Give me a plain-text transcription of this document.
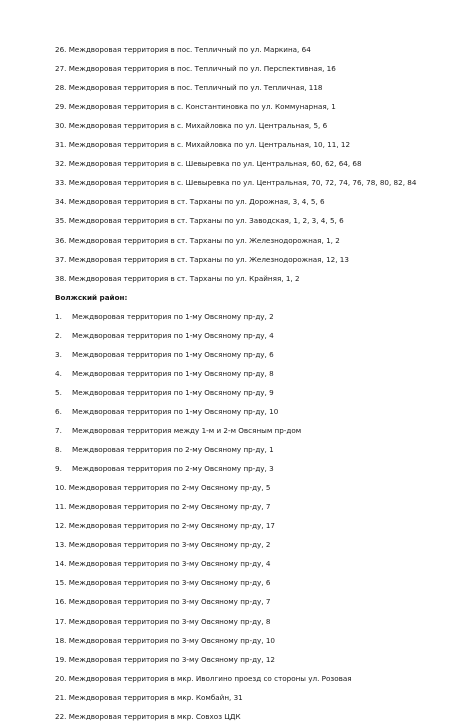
26. Междворовая территория в пос. Тепличный по ул. Маркина, 64
27. Междворовая территория в пос. Тепличный по ул. Перспективная, 16
28. Междворовая территория в пос. Тепличный по ул. Тепличная, 118
29. Междворовая территория в с. Константиновка по ул. Коммунарная, 1
30. Междворовая территория в с. Михайловка по ул. Центральная, 5, 6
31. Междворовая территория в с. Михайловка по ул. Центральная, 10, 11, 12
32. Междворовая территория в с. Шевыревка по ул. Центральная, 60, 62, 64, 68
33. Междворовая территория в с. Шевыревка по ул. Центральная, 70, 72, 74, 76, 78, 80, 82, 84
34. Междворовая территория в ст. Тарханы по ул. Дорожная, 3, 4, 5, 6
35. Междворовая территория в ст. Тарханы по ул. Заводская, 1, 2, 3, 4, 5, 6
36. Междворовая территория в ст. Тарханы по ул. Железнодорожная, 1, 2
37. Междворовая территория в ст. Тарханы по ул. Железнодорожная, 12, 13
38. Междворовая территория в ст. Тарханы по ул. Крайняя, 1, 2
Волжский район:
1. Междворовая территория по 1-му Овсяному пр-ду, 2
2. Междворовая территория по 1-му Овсяному пр-ду, 4
3. Междворовая территория по 1-му Овсяному пр-ду, 6
4. Междворовая территория по 1-му Овсяному пр-ду, 8
5. Междворовая территория по 1-му Овсяному пр-ду, 9
6. Междворовая территория по 1-му Овсяному пр-ду, 10
7. Междворовая территория между 1-м и 2-м Овсяным пр-дом
8. Междворовая территория по 2-му Овсяному пр-ду, 1
9. Междворовая территория по 2-му Овсяному пр-ду, 3
10. Междворовая территория по 2-му Овсяному пр-ду, 5
11. Междворовая территория по 2-му Овсяному пр-ду, 7
12. Междворовая территория по 2-му Овсяному пр-ду, 17
13. Междворовая территория по 3-му Овсяному пр-ду, 2
14. Междворовая территория по 3-му Овсяному пр-ду, 4
15. Междворовая территория по 3-му Овсяному пр-ду, 6
16. Междворовая территория по 3-му Овсяному пр-ду, 7
17. Междворовая территория по 3-му Овсяному пр-ду, 8
18. Междворовая территория по 3-му Овсяному пр-ду, 10
19. Междворовая территория по 3-му Овсяному пр-ду, 12
20. Междворовая территория в мкр. Иволгино проезд со стороны ул. Розовая
21. Междворовая территория в мкр. Комбайн, 31
22. Междворовая территория в мкр. Совхоз ЦДК
